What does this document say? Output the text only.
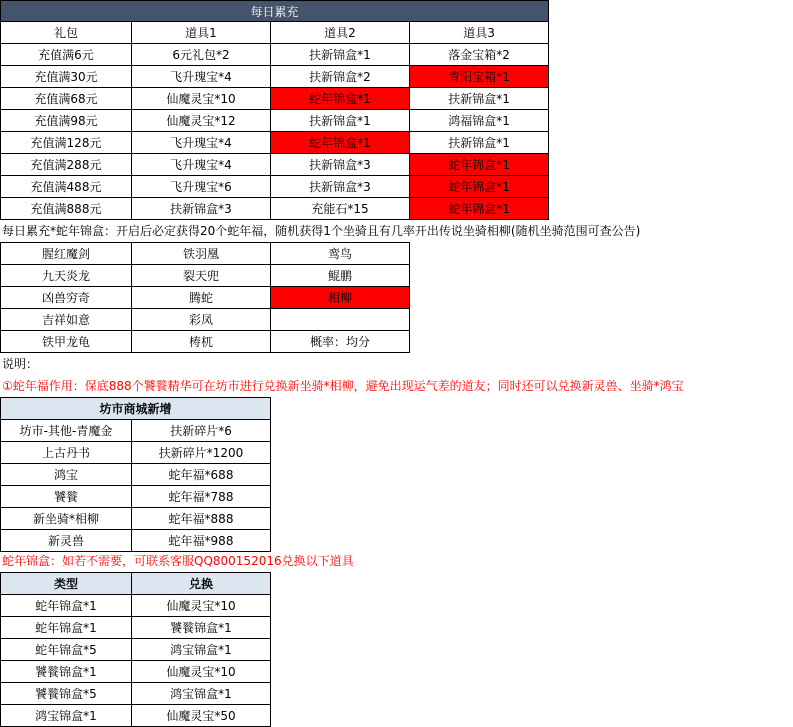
每日累充			
礼包	道具1	道具2	道具3
充值满6元	6元礼包*2	扶新锦盒*1	落金宝箱*2
充值满30元	飞升瑰宝*4	扶新锦盒*2	青阳宝箱*1
充值满68元	仙魔灵宝*10	蛇年锦盒*1	扶新锦盒*1
充值满98元	仙魔灵宝*12	扶新锦盒*1	鸿福锦盒*1
充值满128元	飞升瑰宝*4	蛇年锦盒*1	扶新锦盒*1
充值满288元	飞升瑰宝*4	扶新锦盒*3	蛇年锦盒*1
充值满488元	飞升瑰宝*6	扶新锦盒*3	蛇年锦盒*1
充值满888元	扶新锦盒*3	充能石*15	蛇年锦盒*1
每日累充*蛇年锦盒：开启后必定获得20个蛇年福，随机获得1个坐骑且有几率开出传说坐骑相柳(随机坐骑范围可查公告)
腥红魔剑	铁羽凰	鸾鸟
九天炎龙	裂天兜	鲲鹏
凶兽穷奇	腾蛇	相柳
吉祥如意	彩凤	
铁甲龙龟	梼杌	概率：均分
说明：
①蛇年福作用：保底888个饕餮精华可在坊市进行兑换新坐骑*相柳，避免出现运气差的道友；同时还可以兑换新灵兽、坐骑*鸿宝
坊市商城新增	
坊市-其他-青魔金	扶新碎片*6
上古丹书	扶新碎片*1200
鸿宝	蛇年福*688
饕餮	蛇年福*788
新坐骑*相柳	蛇年福*888
新灵兽	蛇年福*988
蛇年锦盒：如若不需要，可联系客服QQ800152016兑换以下道具
类型	兑换
蛇年锦盒*1	仙魔灵宝*10
蛇年锦盒*1	饕餮锦盒*1
蛇年锦盒*5	鸿宝锦盒*1
饕餮锦盒*1	仙魔灵宝*10
饕餮锦盒*5	鸿宝锦盒*1
鸿宝锦盒*1	仙魔灵宝*50
